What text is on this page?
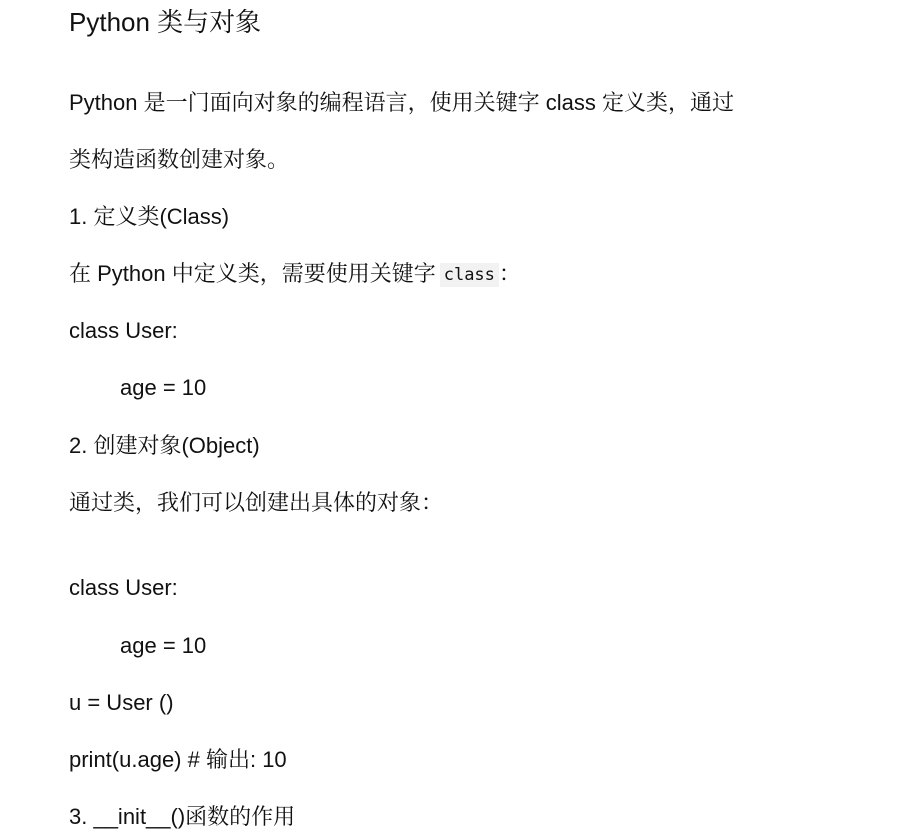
Python 类与对象
Python 是一门面向对象的编程语言，使用关键字 class 定义类，通过
类构造函数创建对象。
1. 定义类(Class)
在 Python 中定义类，需要使用关键字 class ：
class User:
age = 10
2. 创建对象(Object)
通过类，我们可以创建出具体的对象：
class User:
age = 10
u = User ()
print(u.age) # 输出: 10
3. __init__()函数的作用
